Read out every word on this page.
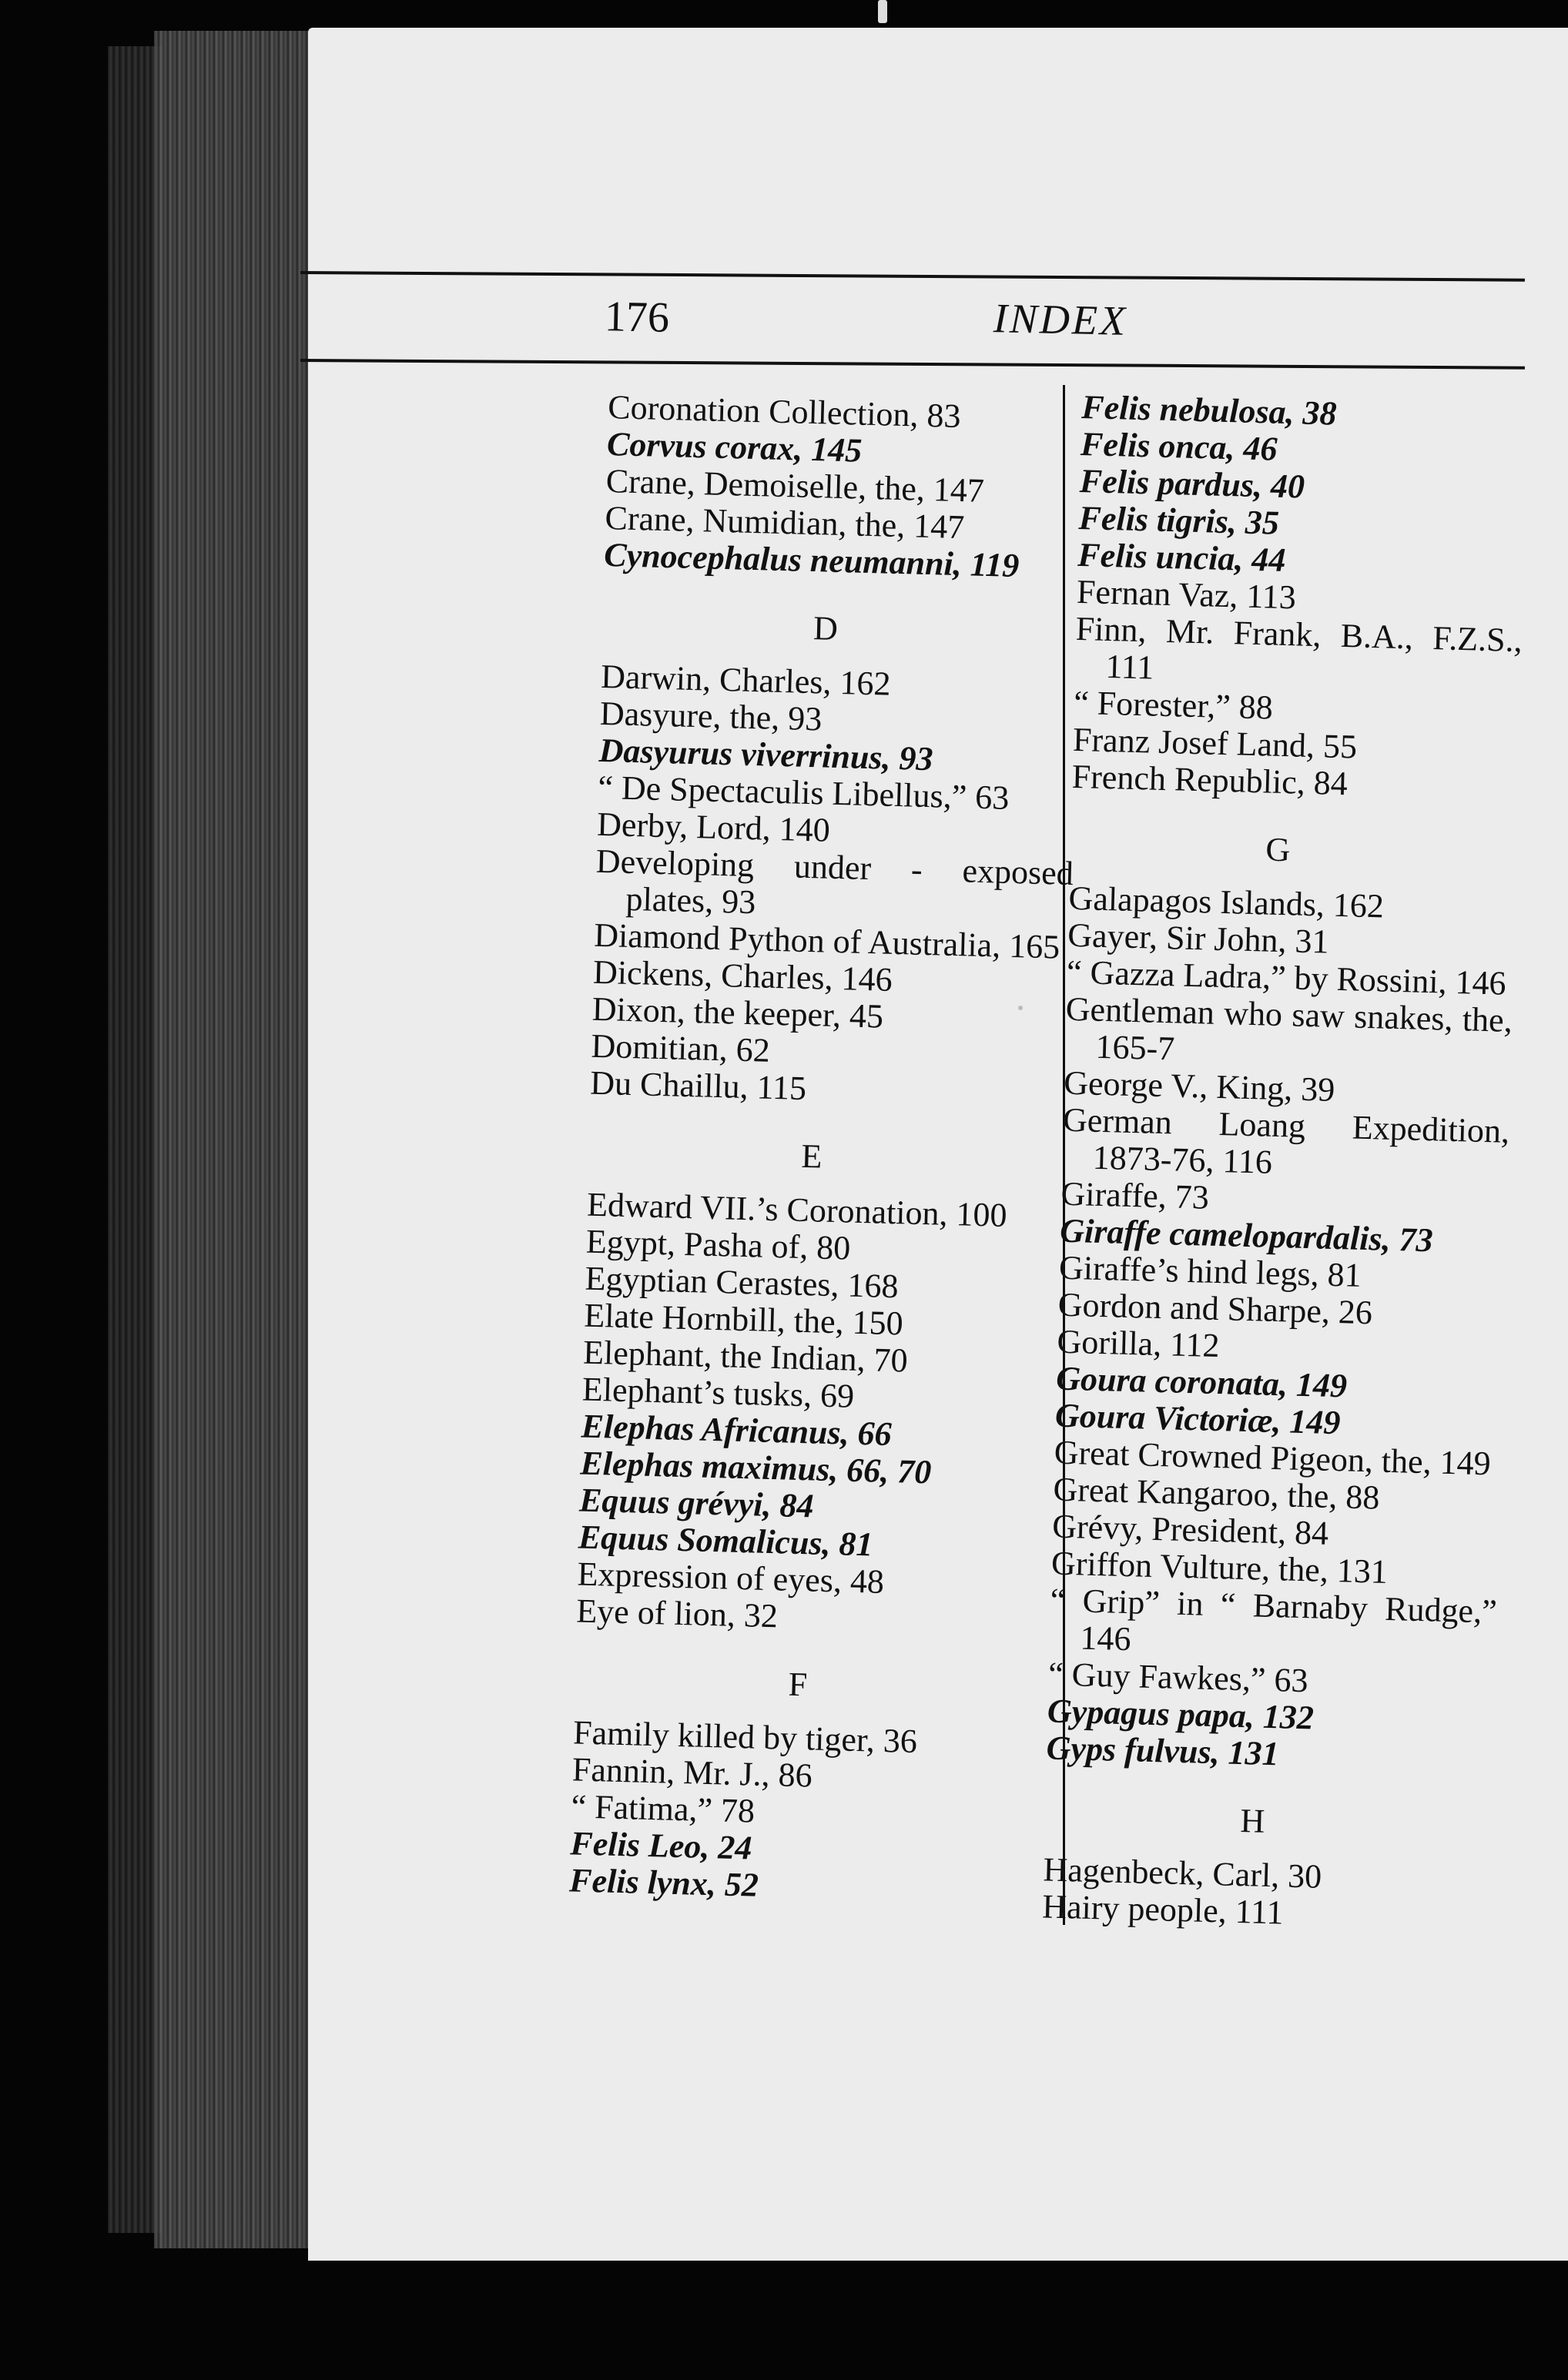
176	INDEX
Coronation Collection, 83
Corvus corax, 145
Crane, Demoiselle, the, 147
Crane, Numidian, the, 147
Cynocephalus neumanni, 119
D
Darwin, Charles, 162
Dasyure, the, 93
Dasyurus viverrinus, 93
“ De Spectaculis Libellus,” 63
Derby, Lord, 140
Developing under - exposed plates, 93
Diamond Python of Australia, 165
Dickens, Charles, 146
Dixon, the keeper, 45
Domitian, 62
Du Chaillu, 115
E
Edward VII.’s Coronation, 100
Egypt, Pasha of, 80
Egyptian Cerastes, 168
Elate Hornbill, the, 150
Elephant, the Indian, 70
Elephant’s tusks, 69
Elephas Africanus, 66
Elephas maximus, 66, 70
Equus grévyi, 84
Equus Somalicus, 81
Expression of eyes, 48
Eye of lion, 32
F
Family killed by tiger, 36
Fannin, Mr. J., 86
“ Fatima,” 78
Felis Leo, 24
Felis lynx, 52
Felis nebulosa, 38
Felis onca, 46
Felis pardus, 40
Felis tigris, 35
Felis uncia, 44
Fernan Vaz, 113
Finn, Mr. Frank, B.A., F.Z.S., 111
“ Forester,” 88
Franz Josef Land, 55
French Republic, 84
G
Galapagos Islands, 162
Gayer, Sir John, 31
“ Gazza Ladra,” by Rossini, 146
Gentleman who saw snakes, the, 165-7
George V., King, 39
German Loang Expedition, 1873-76, 116
Giraffe, 73
Giraffe camelopardalis, 73
Giraffe’s hind legs, 81
Gordon and Sharpe, 26
Gorilla, 112
Goura coronata, 149
Goura Victoriæ, 149
Great Crowned Pigeon, the, 149
Great Kangaroo, the, 88
Grévy, President, 84
Griffon Vulture, the, 131
“ Grip” in “ Barnaby Rudge,” 146
“ Guy Fawkes,” 63
Gypagus papa, 132
Gyps fulvus, 131
H
Hagenbeck, Carl, 30
Hairy people, 111
